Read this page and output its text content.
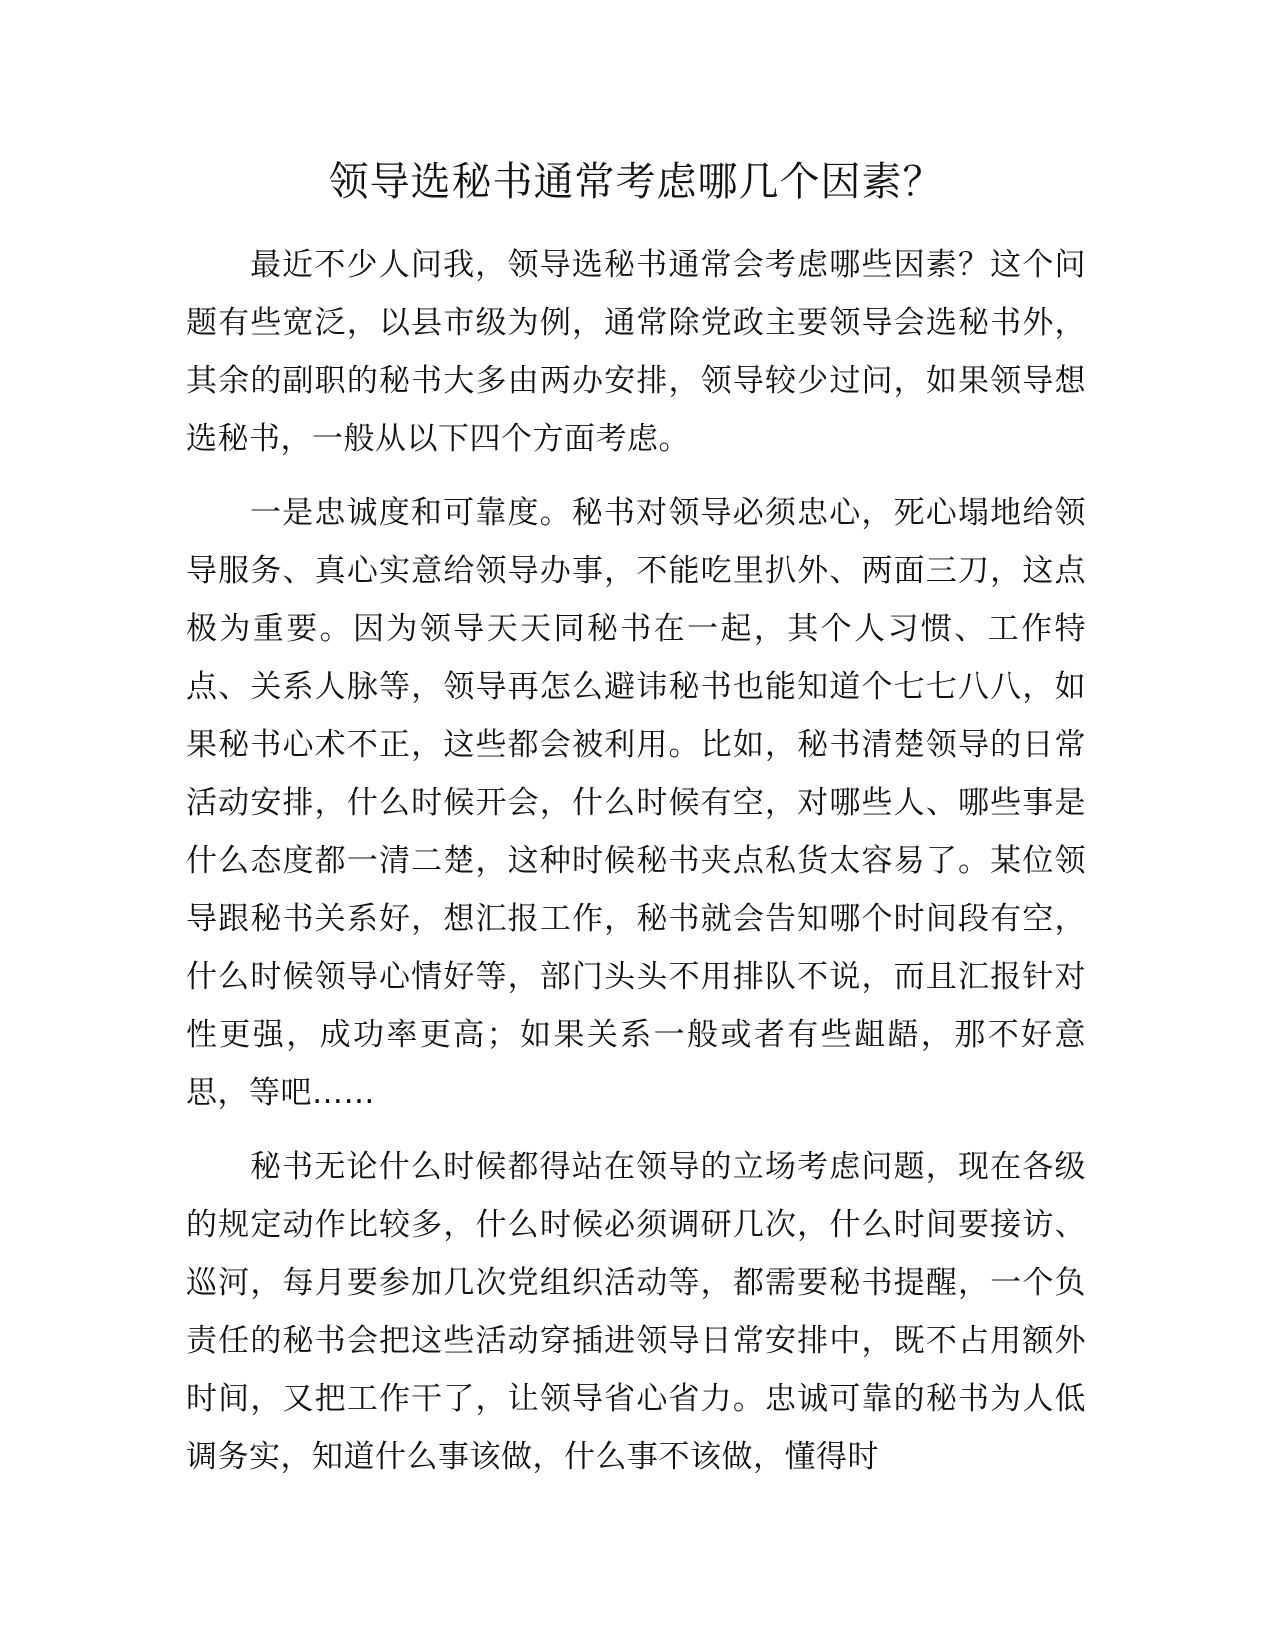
领导选秘书通常考虑哪几个因素？

最近不少人问我，领导选秘书通常会考虑哪些因素？这个问题有些宽泛，以县市级为例，通常除党政主要领导会选秘书外，其余的副职的秘书大多由两办安排，领导较少过问，如果领导想选秘书，一般从以下四个方面考虑。

一是忠诚度和可靠度。秘书对领导必须忠心，死心塌地给领导服务、真心实意给领导办事，不能吃里扒外、两面三刀，这点极为重要。因为领导天天同秘书在一起，其个人习惯、工作特点、关系人脉等，领导再怎么避讳秘书也能知道个七七八八，如果秘书心术不正，这些都会被利用。比如，秘书清楚领导的日常活动安排，什么时候开会，什么时候有空，对哪些人、哪些事是什么态度都一清二楚，这种时候秘书夹点私货太容易了。某位领导跟秘书关系好，想汇报工作，秘书就会告知哪个时间段有空，什么时候领导心情好等，部门头头不用排队不说，而且汇报针对性更强，成功率更高；如果关系一般或者有些龃龉，那不好意思，等吧……

秘书无论什么时候都得站在领导的立场考虑问题，现在各级的规定动作比较多，什么时候必须调研几次，什么时间要接访、巡河，每月要参加几次党组织活动等，都需要秘书提醒，一个负责任的秘书会把这些活动穿插进领导日常安排中，既不占用额外时间，又把工作干了，让领导省心省力。忠诚可靠的秘书为人低调务实，知道什么事该做，什么事不该做，懂得时
